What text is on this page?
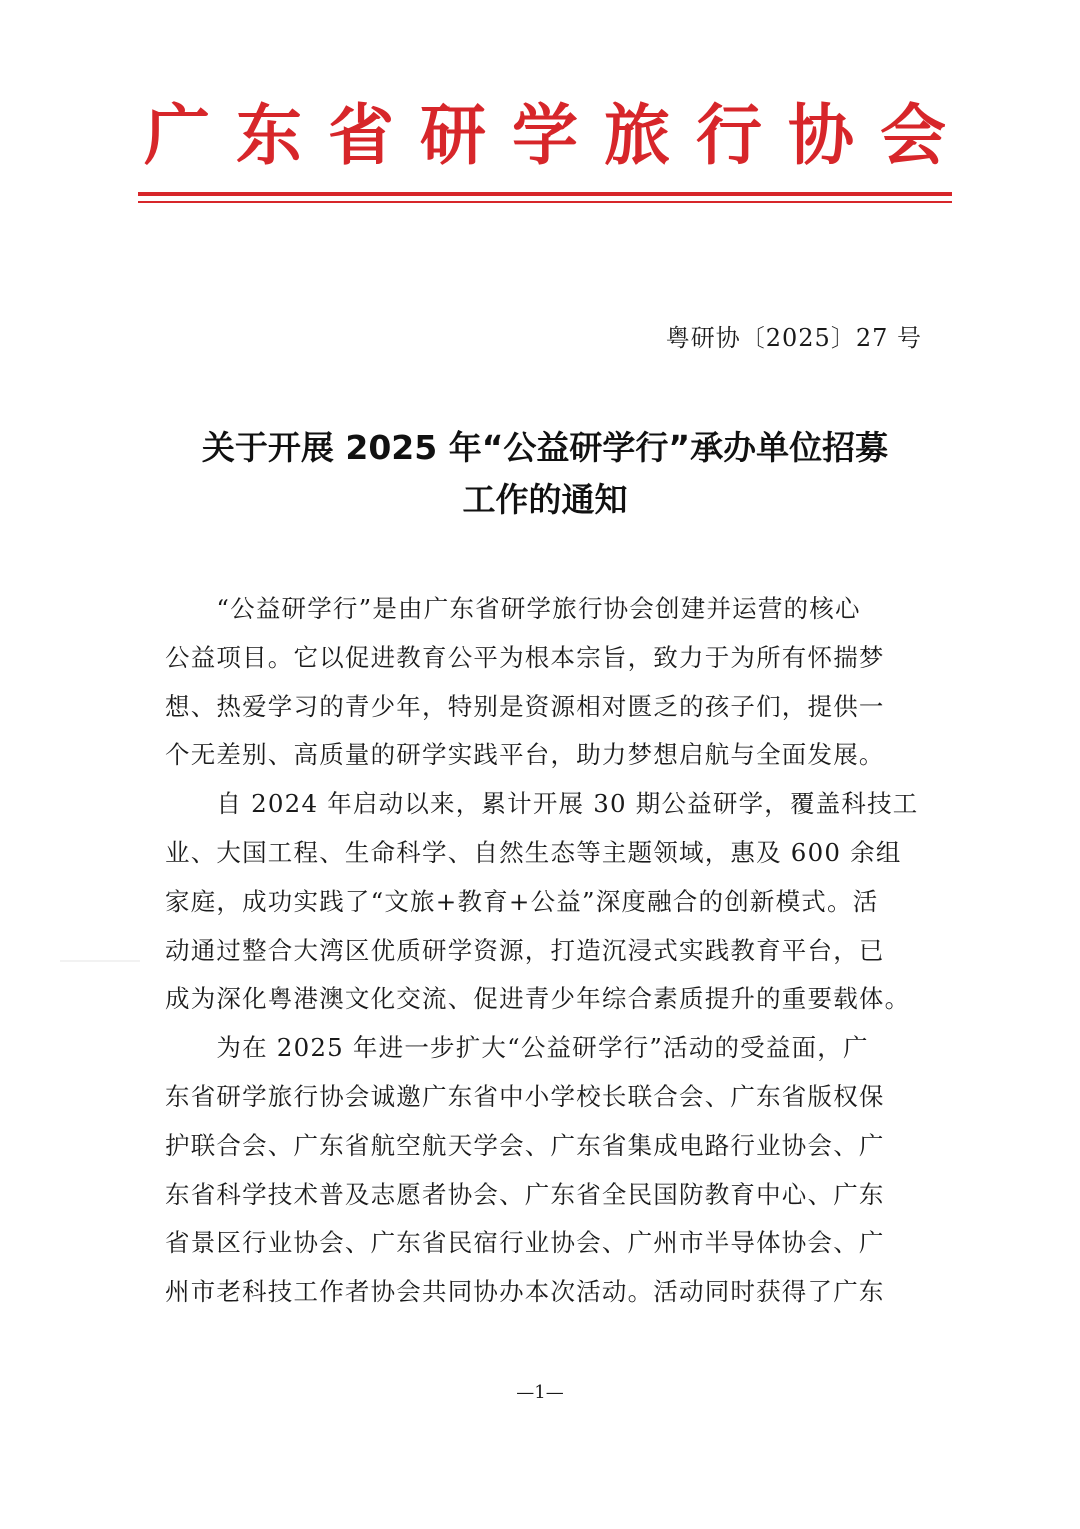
广 东 省 研 学 旅 行 协 会
粤研协〔2025〕27 号
关于开展 2025 年“公益研学行”承办单位招募
工作的通知
　　“公益研学行”是由广东省研学旅行协会创建并运营的核心
公益项目。它以促进教育公平为根本宗旨，致力于为所有怀揣梦
想、热爱学习的青少年，特别是资源相对匮乏的孩子们，提供一
个无差别、高质量的研学实践平台，助力梦想启航与全面发展。
　　自 2024 年启动以来，累计开展 30 期公益研学，覆盖科技工
业、大国工程、生命科学、自然生态等主题领域，惠及 600 余组
家庭，成功实践了“文旅+教育+公益”深度融合的创新模式。活
动通过整合大湾区优质研学资源，打造沉浸式实践教育平台，已
成为深化粤港澳文化交流、促进青少年综合素质提升的重要载体。
　　为在 2025 年进一步扩大“公益研学行”活动的受益面，广
东省研学旅行协会诚邀广东省中小学校长联合会、广东省版权保
护联合会、广东省航空航天学会、广东省集成电路行业协会、广
东省科学技术普及志愿者协会、广东省全民国防教育中心、广东
省景区行业协会、广东省民宿行业协会、广州市半导体协会、广
州市老科技工作者协会共同协办本次活动。活动同时获得了广东
—1—
